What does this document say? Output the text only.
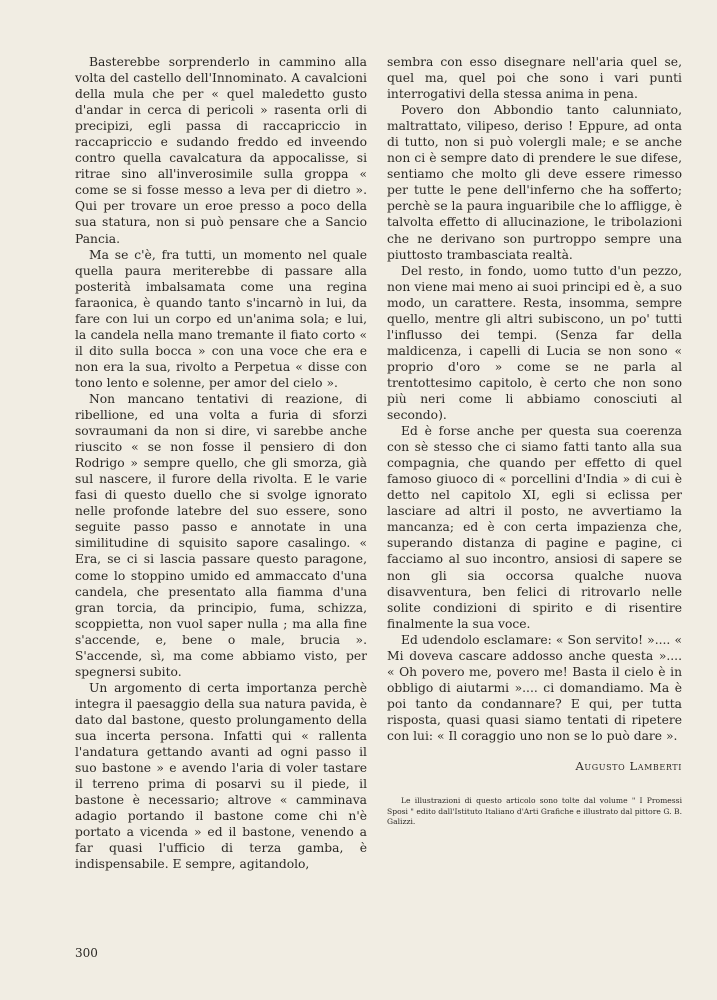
Basterebbe sorprenderlo in cammino alla volta del castello dell'Innominato. A cavalcioni della mula che per « quel maledetto gusto d'andar in cerca di pericoli » rasenta orli di precipizi, egli passa di raccapriccio in raccapriccio e sudando freddo ed inveendo contro quella cavalcatura da appocalisse, si ritrae sino all'inverosimile sulla groppa « come se si fosse messo a leva per di dietro ». Qui per trovare un eroe presso a poco della sua statura, non si può pensare che a Sancio Pancia.

Ma se c'è, fra tutti, un momento nel quale quella paura meriterebbe di passare alla posterità imbalsamata come una regina faraonica, è quando tanto s'incarnò in lui, da fare con lui un corpo ed un'anima sola; e lui, la candela nella mano tremante il fiato corto « il dito sulla bocca » con una voce che era e non era la sua, rivolto a Perpetua « disse con tono lento e solenne, per amor del cielo ».

Non mancano tentativi di reazione, di ribellione, ed una volta a furia di sforzi sovraumani da non si dire, vi sarebbe anche riuscito « se non fosse il pensiero di don Rodrigo » sempre quello, che gli smorza, già sul nascere, il furore della rivolta. E le varie fasi di questo duello che si svolge ignorato nelle profonde latebre del suo essere, sono seguite passo passo e annotate in una similitudine di squisito sapore casalingo. « Era, se ci si lascia passare questo paragone, come lo stoppino umido ed ammaccato d'una candela, che presentato alla fiamma d'una gran torcia, da principio, fuma, schizza, scoppietta, non vuol saper nulla ; ma alla fine s'accende, e, bene o male, brucia ». S'accende, sì, ma come abbiamo visto, per spegnersi subito.

Un argomento di certa importanza perchè integra il paesaggio della sua natura pavida, è dato dal bastone, questo prolungamento della sua incerta persona. Infatti qui « rallenta l'andatura gettando avanti ad ogni passo il suo bastone » e avendo l'aria di voler tastare il terreno prima di posarvi su il piede, il bastone è necessario; altrove « camminava adagio portando il bastone come chi n'è portato a vicenda » ed il bastone, venendo a far quasi l'ufficio di terza gamba, è indispensabile. E sempre, agitandolo,

sembra con esso disegnare nell'aria quel se, quel ma, quel poi che sono i vari punti interrogativi della stessa anima in pena.

Povero don Abbondio tanto calunniato, maltrattato, vilipeso, deriso ! Eppure, ad onta di tutto, non si può volergli male; e se anche non ci è sempre dato di prendere le sue difese, sentiamo che molto gli deve essere rimesso per tutte le pene dell'inferno che ha sofferto; perchè se la paura inguaribile che lo affligge, è talvolta effetto di allucinazione, le tribolazioni che ne derivano son purtroppo sempre una piuttosto trambasciata realtà.

Del resto, in fondo, uomo tutto d'un pezzo, non viene mai meno ai suoi principi ed è, a suo modo, un carattere. Resta, insomma, sempre quello, mentre gli altri subiscono, un po' tutti l'influsso dei tempi. (Senza far della maldicenza, i capelli di Lucia se non sono « proprio d'oro » come se ne parla al trentottesimo capitolo, è certo che non sono più neri come li abbiamo conosciuti al secondo).

Ed è forse anche per questa sua coerenza con sè stesso che ci siamo fatti tanto alla sua compagnia, che quando per effetto di quel famoso giuoco di « porcellini d'India » di cui è detto nel capitolo XI, egli si eclissa per lasciare ad altri il posto, ne avvertiamo la mancanza; ed è con certa impazienza che, superando distanza di pagine e pagine, ci facciamo al suo incontro, ansiosi di sapere se non gli sia occorsa qualche nuova disavventura, ben felici di ritrovarlo nelle solite condizioni di spirito e di risentire finalmente la sua voce.

Ed udendolo esclamare: « Son servito! ».... « Mi doveva cascare addosso anche questa ».... « Oh povero me, povero me! Basta il cielo è in obbligo di aiutarmi ».... ci domandiamo. Ma è poi tanto da condannare? E qui, per tutta risposta, quasi quasi siamo tentati di ripetere con lui: « Il coraggio uno non se lo può dare ».

Augusto Lamberti
Le illustrazioni di questo articolo sono tolte dal volume " I Promessi Sposi " edito dall'Istituto Italiano d'Arti Grafiche e illustrato dal pittore G. B. Galizzi.
300
